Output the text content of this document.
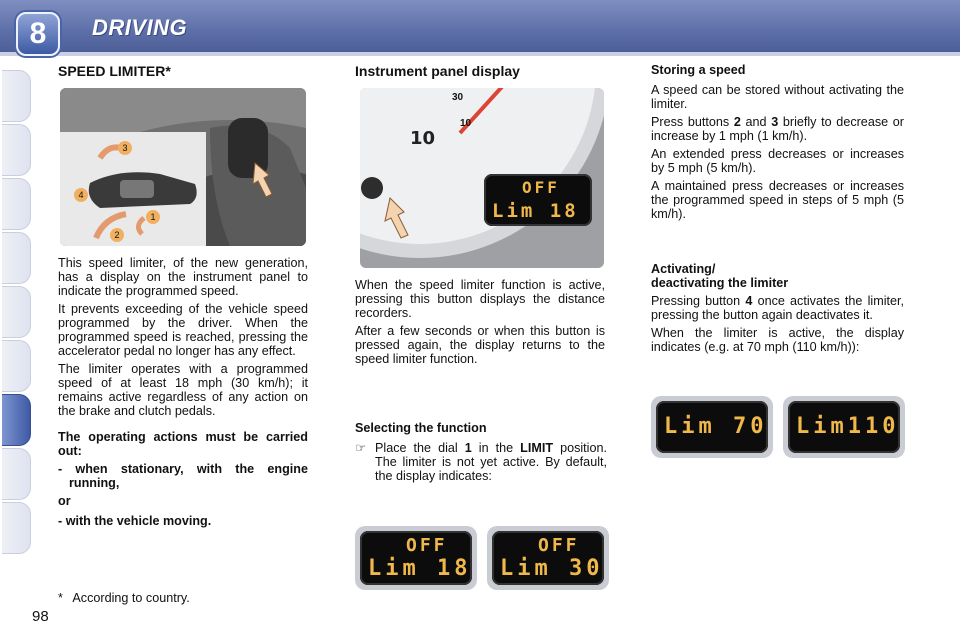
8	DRIVING
SPEED LIMITER*
3
4
1
2

This speed limiter, of the new generation, has a display on the instrument panel to indicate the programmed speed.

It prevents exceeding of the vehicle speed programmed by the driver. When the programmed speed is reached, pressing the accelerator pedal no longer has any effect.

The limiter operates with a programmed speed of at least 18 mph (30 km/h); it remains active regardless of any action on the brake and clutch pedals.

The operating actions must be carried out:

- when stationary, with the engine running,

or

- with the vehicle moving.

* According to country.
98
Instrument panel display
10
30
10
OFF
Lim 18

When the speed limiter function is active, pressing this button displays the distance recorders.

After a few seconds or when this button is pressed again, the display returns to the speed limiter function.

Selecting the function

☞ Place the dial 1 in the LIMIT position. The limiter is not yet active. By default, the display indicates:
OFF
Lim 18
OFF
Lim 30

Storing a speed

A speed can be stored without activating the limiter.

Press buttons 2 and 3 briefly to decrease or increase by 1 mph (1 km/h).

An extended press decreases or increases by 5 mph (5 km/h).

A maintained press decreases or increases the programmed speed in steps of 5 mph (5 km/h).

Activating/

deactivating the limiter

Pressing button 4 once activates the limiter, pressing the button again deactivates it.

When the limiter is active, the display indicates (e.g. at 70 mph (110 km/h)):

Lim 70 Lim110
